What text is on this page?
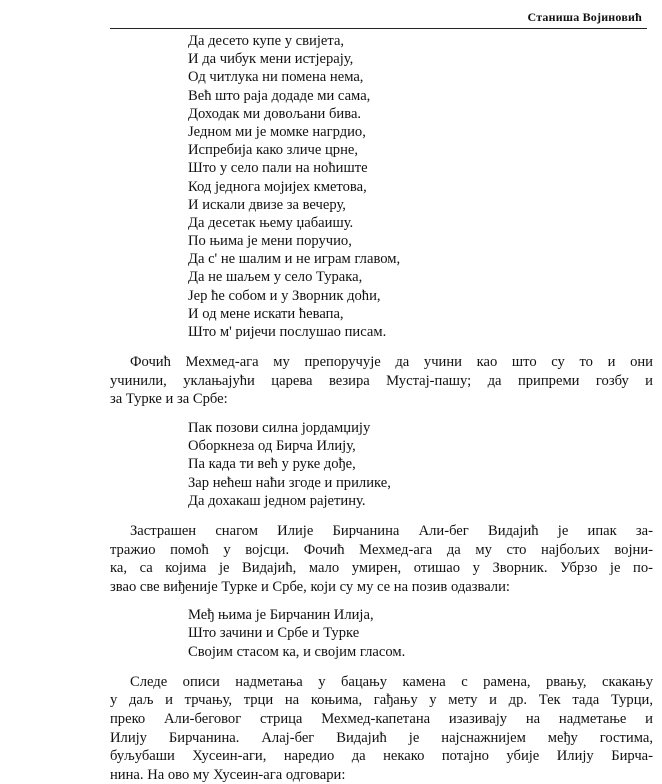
Станиша Војиновић
Да десето купе у свијета,
И да чибук мени истјерају,
Од читлука ни помена нема,
Већ што раја додаде ми сама,
Доходак ми довољани бива.
Једном ми је момке нагрдио,
Испребија како зличе црне,
Што у село пали на ноћиште
Код једнога мојијех кметова,
И искали двизе за вечеру,
Да десетак њему џабаишу.
По њима је мени поручио,
Да с' не шалим и не играм главом,
Да не шаљем у село Турака,
Јер ће собом и у Зворник доћи,
И од мене искати ћевапа,
Што м' ријечи послушао писам.

Фочић Мехмед-ага му препоручује да учини као што су то и они
учинили, уклањајући царева везира Мустај-пашу; да припреми гозбу и
за Турке и за Србе:

Пак позови силна јордамџију
Оборкнеза од Бирча Илију,
Па када ти већ у руке дође,
Зар нећеш наћи згоде и прилике,
Да дохакаш једном рајетину.

Застрашен снагом Илије Бирчанина Али-бег Видајић је ипак за-
тражио помоћ у војсци. Фочић Мехмед-ага да му сто најбољих војни-
ка, са којима је Видајић, мало умирен, отишао у Зворник. Убрзо је по-
звао све виђеније Турке и Србе, који су му се на позив одазвали:

Међ њима је Бирчанин Илија,
Што зачини и Србе и Турке
Својим стасом ка, и својим гласом.

Следе описи надметања у бацању камена с рамена, рвању, скакању
у даљ и трчању, трци на коњима, гађању у мету и др. Тек тада Турци,
преко Али-беговог стрица Мехмед-капетана изазивају на надметање и
Илију Бирчанина. Алај-бег Видајић је најснажнијем међу гостима,
буљубаши Хусеин-аги, наредио да некако потајно убије Илију Бирча-
нина. На ово му Хусеин-ага одговари:
